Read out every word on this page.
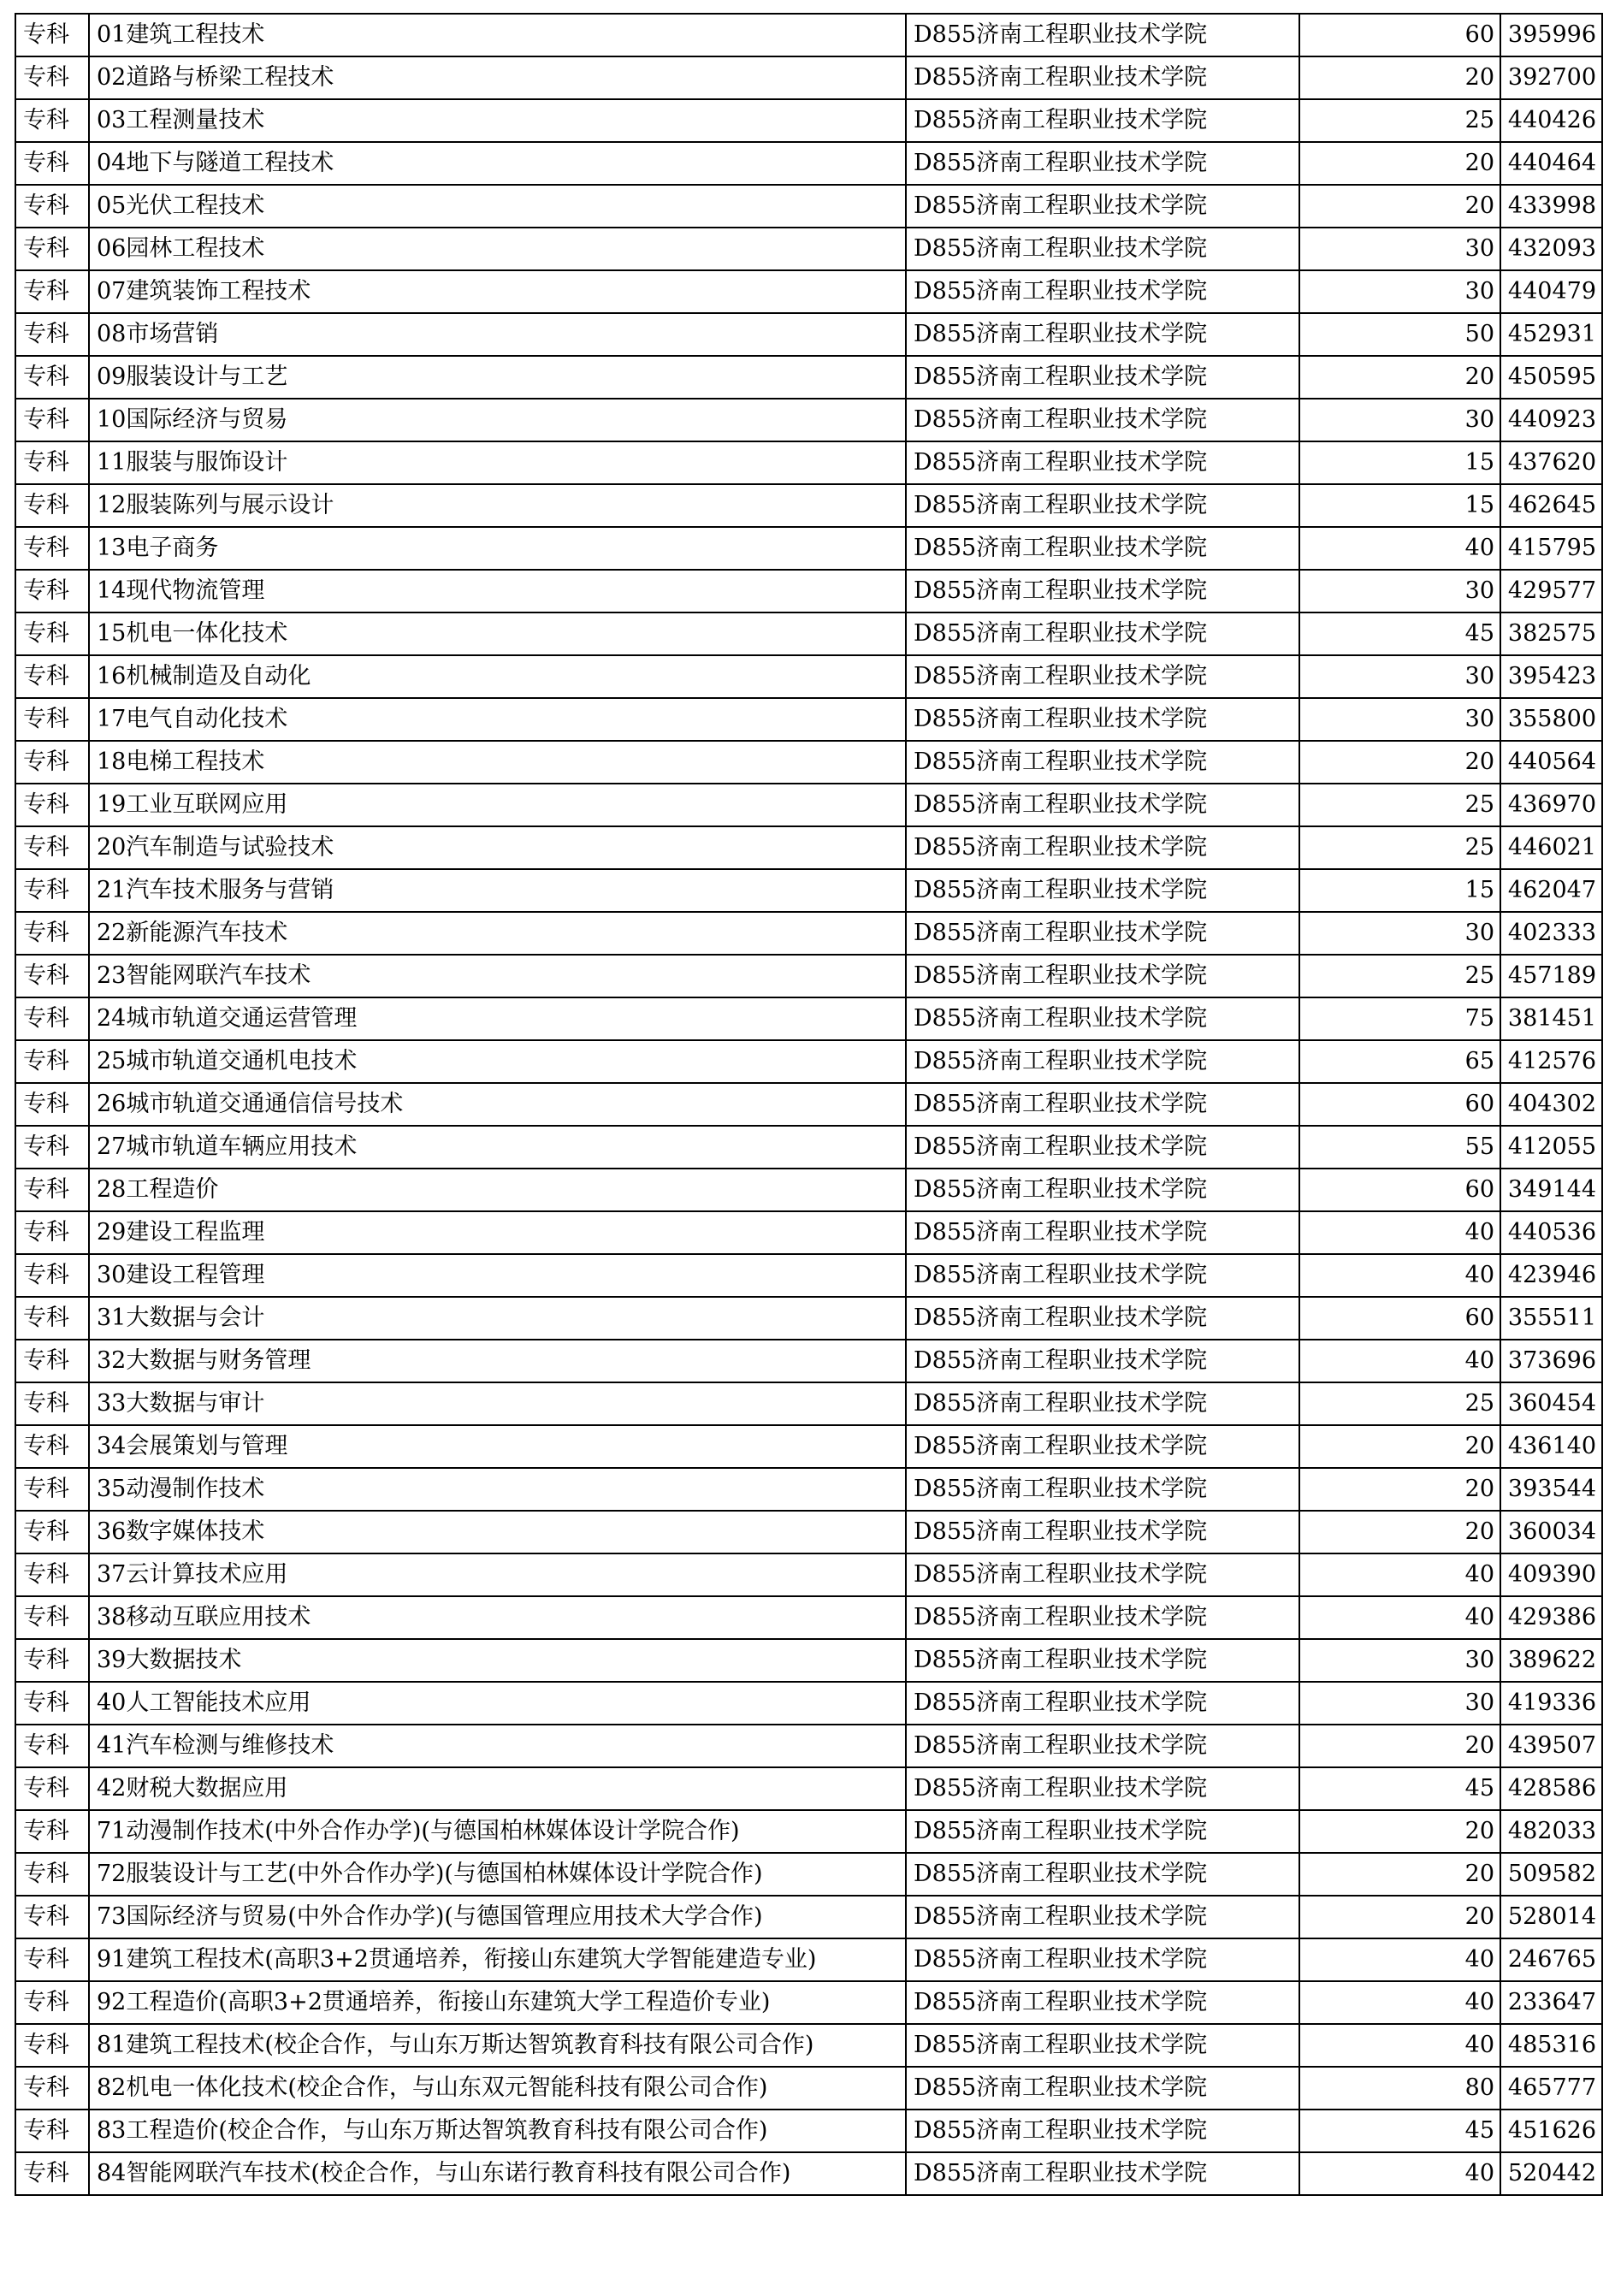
专科	01建筑工程技术	D855济南工程职业技术学院	60	395996
专科	02道路与桥梁工程技术	D855济南工程职业技术学院	20	392700
专科	03工程测量技术	D855济南工程职业技术学院	25	440426
专科	04地下与隧道工程技术	D855济南工程职业技术学院	20	440464
专科	05光伏工程技术	D855济南工程职业技术学院	20	433998
专科	06园林工程技术	D855济南工程职业技术学院	30	432093
专科	07建筑装饰工程技术	D855济南工程职业技术学院	30	440479
专科	08市场营销	D855济南工程职业技术学院	50	452931
专科	09服装设计与工艺	D855济南工程职业技术学院	20	450595
专科	10国际经济与贸易	D855济南工程职业技术学院	30	440923
专科	11服装与服饰设计	D855济南工程职业技术学院	15	437620
专科	12服装陈列与展示设计	D855济南工程职业技术学院	15	462645
专科	13电子商务	D855济南工程职业技术学院	40	415795
专科	14现代物流管理	D855济南工程职业技术学院	30	429577
专科	15机电一体化技术	D855济南工程职业技术学院	45	382575
专科	16机械制造及自动化	D855济南工程职业技术学院	30	395423
专科	17电气自动化技术	D855济南工程职业技术学院	30	355800
专科	18电梯工程技术	D855济南工程职业技术学院	20	440564
专科	19工业互联网应用	D855济南工程职业技术学院	25	436970
专科	20汽车制造与试验技术	D855济南工程职业技术学院	25	446021
专科	21汽车技术服务与营销	D855济南工程职业技术学院	15	462047
专科	22新能源汽车技术	D855济南工程职业技术学院	30	402333
专科	23智能网联汽车技术	D855济南工程职业技术学院	25	457189
专科	24城市轨道交通运营管理	D855济南工程职业技术学院	75	381451
专科	25城市轨道交通机电技术	D855济南工程职业技术学院	65	412576
专科	26城市轨道交通通信信号技术	D855济南工程职业技术学院	60	404302
专科	27城市轨道车辆应用技术	D855济南工程职业技术学院	55	412055
专科	28工程造价	D855济南工程职业技术学院	60	349144
专科	29建设工程监理	D855济南工程职业技术学院	40	440536
专科	30建设工程管理	D855济南工程职业技术学院	40	423946
专科	31大数据与会计	D855济南工程职业技术学院	60	355511
专科	32大数据与财务管理	D855济南工程职业技术学院	40	373696
专科	33大数据与审计	D855济南工程职业技术学院	25	360454
专科	34会展策划与管理	D855济南工程职业技术学院	20	436140
专科	35动漫制作技术	D855济南工程职业技术学院	20	393544
专科	36数字媒体技术	D855济南工程职业技术学院	20	360034
专科	37云计算技术应用	D855济南工程职业技术学院	40	409390
专科	38移动互联应用技术	D855济南工程职业技术学院	40	429386
专科	39大数据技术	D855济南工程职业技术学院	30	389622
专科	40人工智能技术应用	D855济南工程职业技术学院	30	419336
专科	41汽车检测与维修技术	D855济南工程职业技术学院	20	439507
专科	42财税大数据应用	D855济南工程职业技术学院	45	428586
专科	71动漫制作技术(中外合作办学)(与德国柏林媒体设计学院合作)	D855济南工程职业技术学院	20	482033
专科	72服装设计与工艺(中外合作办学)(与德国柏林媒体设计学院合作)	D855济南工程职业技术学院	20	509582
专科	73国际经济与贸易(中外合作办学)(与德国管理应用技术大学合作)	D855济南工程职业技术学院	20	528014
专科	91建筑工程技术(高职3+2贯通培养，衔接山东建筑大学智能建造专业)	D855济南工程职业技术学院	40	246765
专科	92工程造价(高职3+2贯通培养，衔接山东建筑大学工程造价专业)	D855济南工程职业技术学院	40	233647
专科	81建筑工程技术(校企合作，与山东万斯达智筑教育科技有限公司合作)	D855济南工程职业技术学院	40	485316
专科	82机电一体化技术(校企合作，与山东双元智能科技有限公司合作)	D855济南工程职业技术学院	80	465777
专科	83工程造价(校企合作，与山东万斯达智筑教育科技有限公司合作)	D855济南工程职业技术学院	45	451626
专科	84智能网联汽车技术(校企合作，与山东诺行教育科技有限公司合作)	D855济南工程职业技术学院	40	520442
